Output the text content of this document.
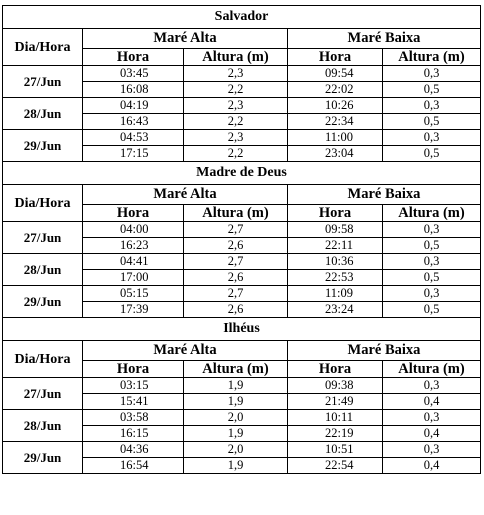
Salvador				
Dia/Hora	Maré Alta		Maré Baixa	
	Hora	Altura (m)	Hora	Altura (m)
27/Jun	03:45	2,3	09:54	0,3
	16:08	2,2	22:02	0,5
28/Jun	04:19	2,3	10:26	0,3
	16:43	2,2	22:34	0,5
29/Jun	04:53	2,3	11:00	0,3
	17:15	2,2	23:04	0,5
Madre de Deus				
Dia/Hora	Maré Alta		Maré Baixa	
	Hora	Altura (m)	Hora	Altura (m)
27/Jun	04:00	2,7	09:58	0,3
	16:23	2,6	22:11	0,5
28/Jun	04:41	2,7	10:36	0,3
	17:00	2,6	22:53	0,5
29/Jun	05:15	2,7	11:09	0,3
	17:39	2,6	23:24	0,5
Ilhéus				
Dia/Hora	Maré Alta		Maré Baixa	
	Hora	Altura (m)	Hora	Altura (m)
27/Jun	03:15	1,9	09:38	0,3
	15:41	1,9	21:49	0,4
28/Jun	03:58	2,0	10:11	0,3
	16:15	1,9	22:19	0,4
29/Jun	04:36	2,0	10:51	0,3
	16:54	1,9	22:54	0,4
